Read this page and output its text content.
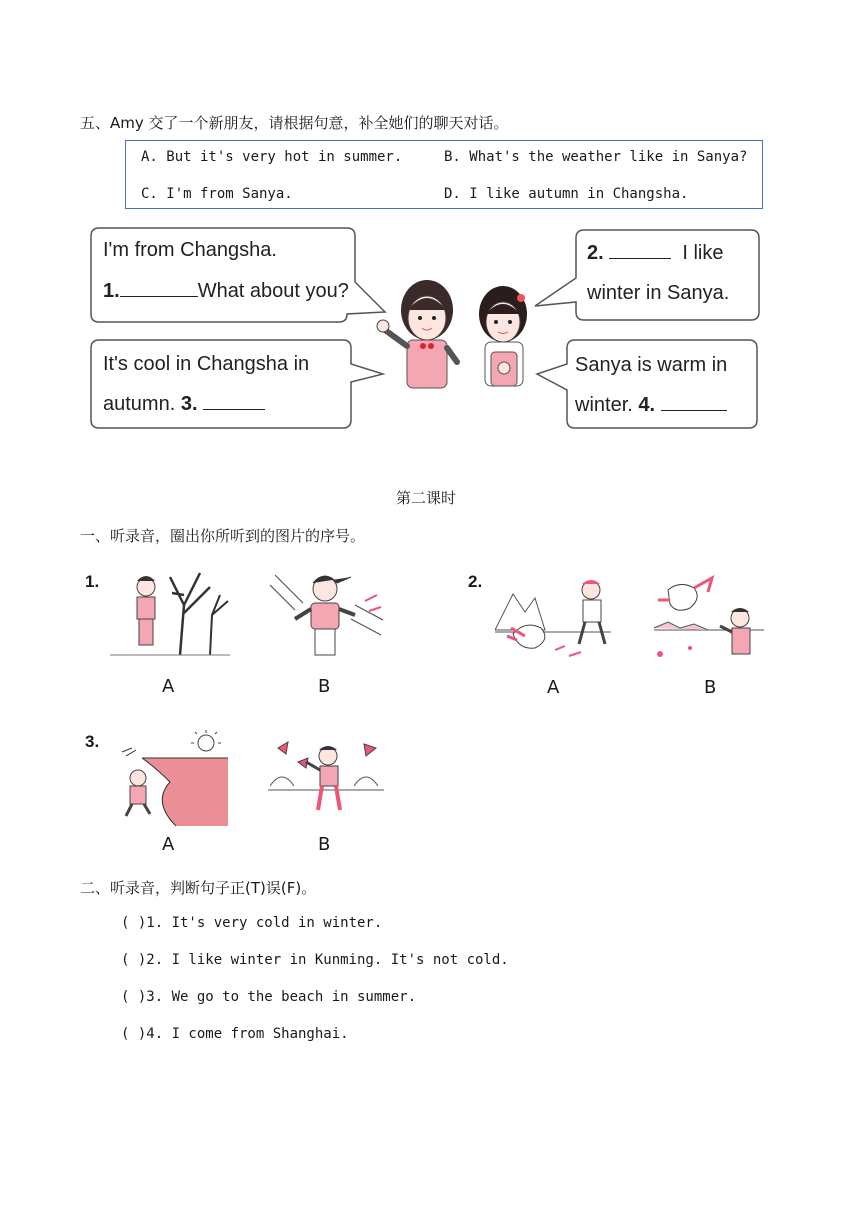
五、Amy 交了一个新朋友，请根据句意，补全她们的聊天对话。
A. But it's very hot in summer.	B. What's the weather like in Sanya?
C. I'm from Sanya.	D. I like autumn in Changsha.
I'm from Changsha.
1.	What about you?
2.	I like
winter in Sanya.
It's cool in Changsha in
autumn. 3.
Sanya is warm in
winter. 4.
第二课时
一、听录音，圈出你所听到的图片的序号。
1.
A	B
2.
A	B
3.
A	B
二、听录音，判断句子正(T)误(F)。
( )1. It's very cold in winter.
( )2. I like winter in Kunming. It's not cold.
( )3. We go to the beach in summer.
( )4. I come from Shanghai.
